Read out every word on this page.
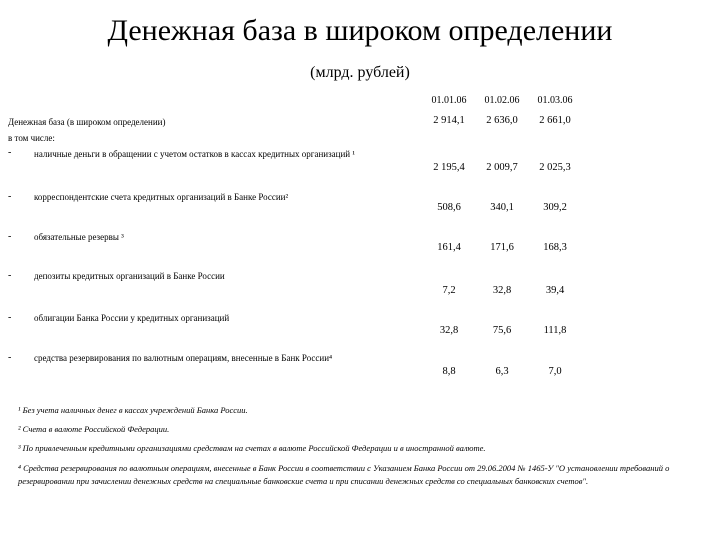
Денежная база в широком определении
(млрд. рублей)
01.01.06	01.02.06	01.03.06
Денежная база (в широком определении)	2 914,1	2 636,0	2 661,0
в том числе:
-	наличные деньги в обращении с учетом остатков в кассах кредитных организаций ¹
2 195,4	2 009,7	2 025,3
-	корреспондентские счета кредитных организаций в Банке России²
508,6	340,1	309,2
-	обязательные резервы ³
161,4	171,6	168,3
-	депозиты кредитных организаций в Банке России
7,2	32,8	39,4
-	облигации Банка России у кредитных организаций
32,8	75,6	111,8
-	средства резервирования по валютным операциям, внесенные в Банк России⁴
8,8	6,3	7,0
¹ Без учета наличных денег в кассах учреждений Банка России.
² Счета в валюте Российской Федерации.
³ По привлеченным кредитными организациями средствам на счетах в валюте Российской Федерации и в иностранной валюте.
⁴ Средства резервирования по валютным операциям, внесенные в Банк России в соответствии с Указанием Банка России от 29.06.2004 № 1465-У "О установлении требований о резервировании при зачислении денежных средств на специальные банковские счета и при списании денежных средств со специальных банковских счетов".
